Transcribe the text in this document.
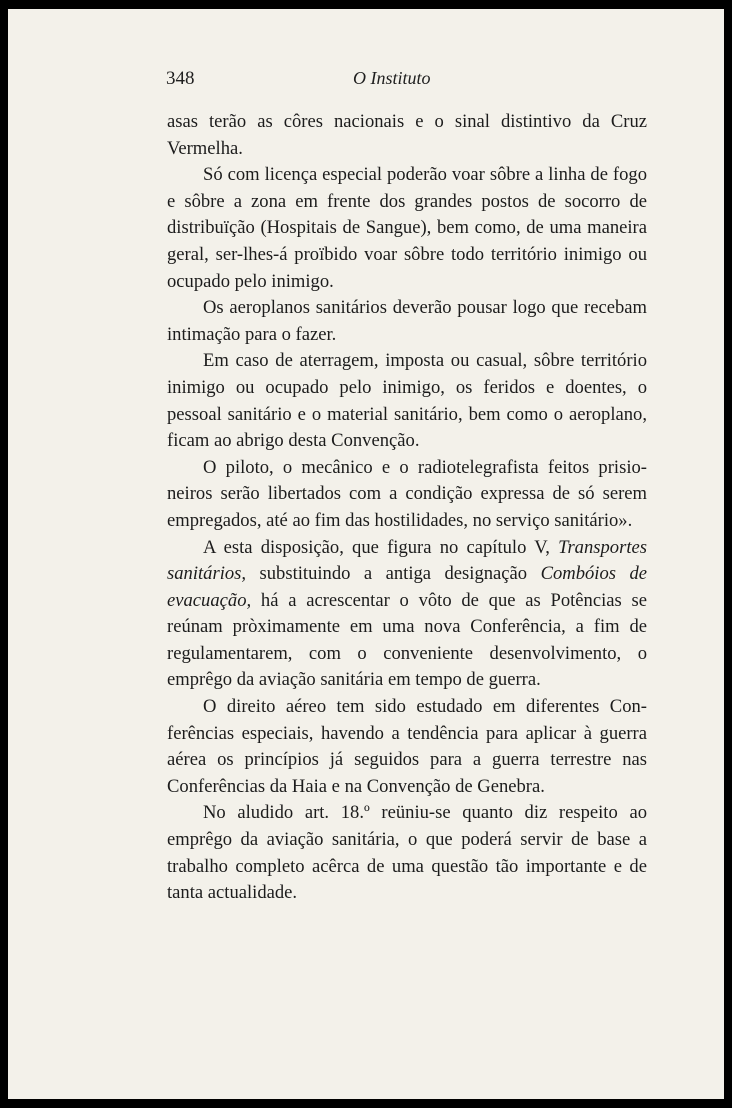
348	O Instituto

asas terão as côres nacionais e o sinal distintivo da Cruz Vermelha.

Só com licença especial poderão voar sôbre a linha de fogo e sôbre a zona em frente dos grandes postos de socorro de distribuïção (Hospitais de Sangue), bem como, de uma maneira geral, ser-lhes-á proïbido voar sôbre todo território inimigo ou ocupado pelo inimigo.

Os aeroplanos sanitários deverão pousar logo que recebam intimação para o fazer.

Em caso de aterragem, imposta ou casual, sôbre território inimigo ou ocupado pelo inimigo, os feridos e doentes, o pessoal sanitário e o material sanitário, bem como o aeroplano, ficam ao abrigo desta Convenção.

O piloto, o mecânico e o radiotelegrafista feitos prisioneiros serão libertados com a condição expressa de só serem empregados, até ao fim das hostilidades, no serviço sanitário».

A esta disposição, que figura no capítulo V, Transportes sanitários, substituindo a antiga designação Combóios de evacuação, há a acrescentar o vôto de que as Potências se reúnam pròximamente em uma nova Conferência, a fim de regulamentarem, com o conveniente desenvolvimento, o emprêgo da aviação sanitária em tempo de guerra.

O direito aéreo tem sido estudado em diferentes Conferências especiais, havendo a tendência para aplicar à guerra aérea os princípios já seguidos para a guerra terrestre nas Conferências da Haia e na Convenção de Genebra.

No aludido art. 18.º reüniu-se quanto diz respeito ao emprêgo da aviação sanitária, o que poderá servir de base a trabalho completo acêrca de uma questão tão importante e de tanta actualidade.
